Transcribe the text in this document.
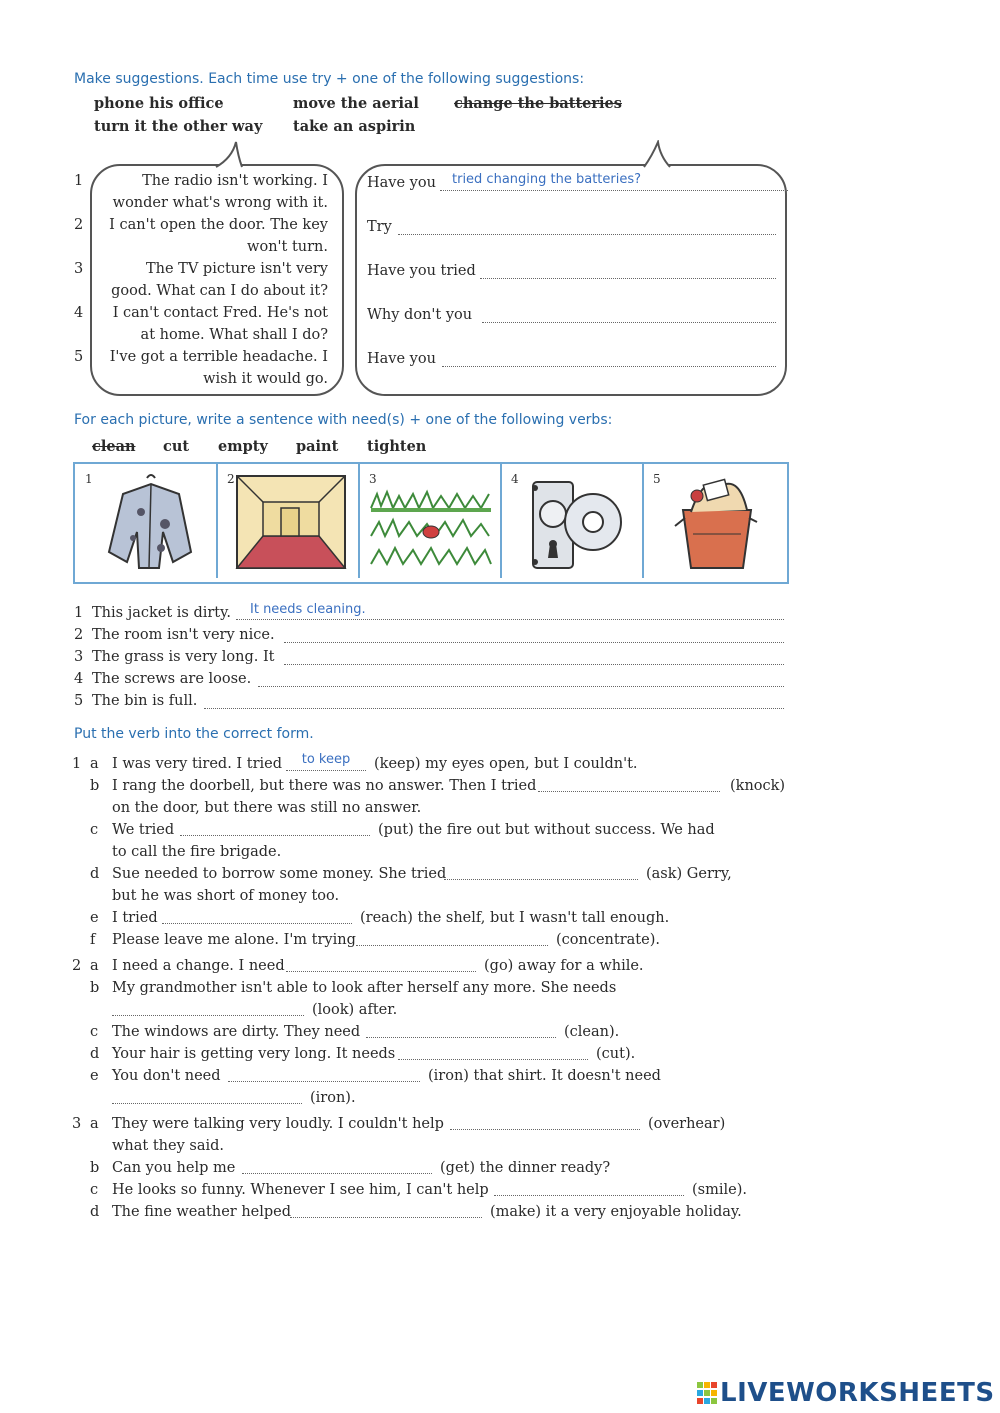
Make suggestions. Each time use try + one of the following suggestions:
phone his office	move the aerial change the batteries
turn it the other way take an aspirin
1	The radio isn't working. I
wonder what's wrong with it.
2	I can't open the door. The key
won't turn.
3	The TV picture isn't very
good. What can I do about it?
4	I can't contact Fred. He's not
at home. What shall I do?
5	I've got a terrible headache. I
wish it would go.
Have you	tried changing the batteries?
Try
Have you tried
Why don't you
Have you
For each picture, write a sentence with need(s) + one of the following verbs:
clean cut empty paint tighten
1	2	3	4	5
1 This jacket is dirty.	It needs cleaning.
2 The room isn't very nice.
3 The grass is very long. It
4 The screws are loose.
5 The bin is full.
Put the verb into the correct form.
1 a I was very tired. I tried	to keep	(keep) my eyes open, but I couldn't.
b I rang the doorbell, but there was no answer. Then I tried	(knock)
on the door, but there was still no answer.
c We tried	(put) the fire out but without success. We had
to call the fire brigade.
d Sue needed to borrow some money. She tried	(ask) Gerry,
but he was short of money too.
e I tried	(reach) the shelf, but I wasn't tall enough.
f Please leave me alone. I'm trying	(concentrate).
2 a I need a change. I need	(go) away for a while.
b My grandmother isn't able to look after herself any more. She needs
(look) after.
c The windows are dirty. They need	(clean).
d Your hair is getting very long. It needs	(cut).
e You don't need	(iron) that shirt. It doesn't need
(iron).
3 a They were talking very loudly. I couldn't help	(overhear)
what they said.
b Can you help me	(get) the dinner ready?
c He looks so funny. Whenever I see him, I can't help	(smile).
d The fine weather helped	(make) it a very enjoyable holiday.
LIVEWORKSHEETS
